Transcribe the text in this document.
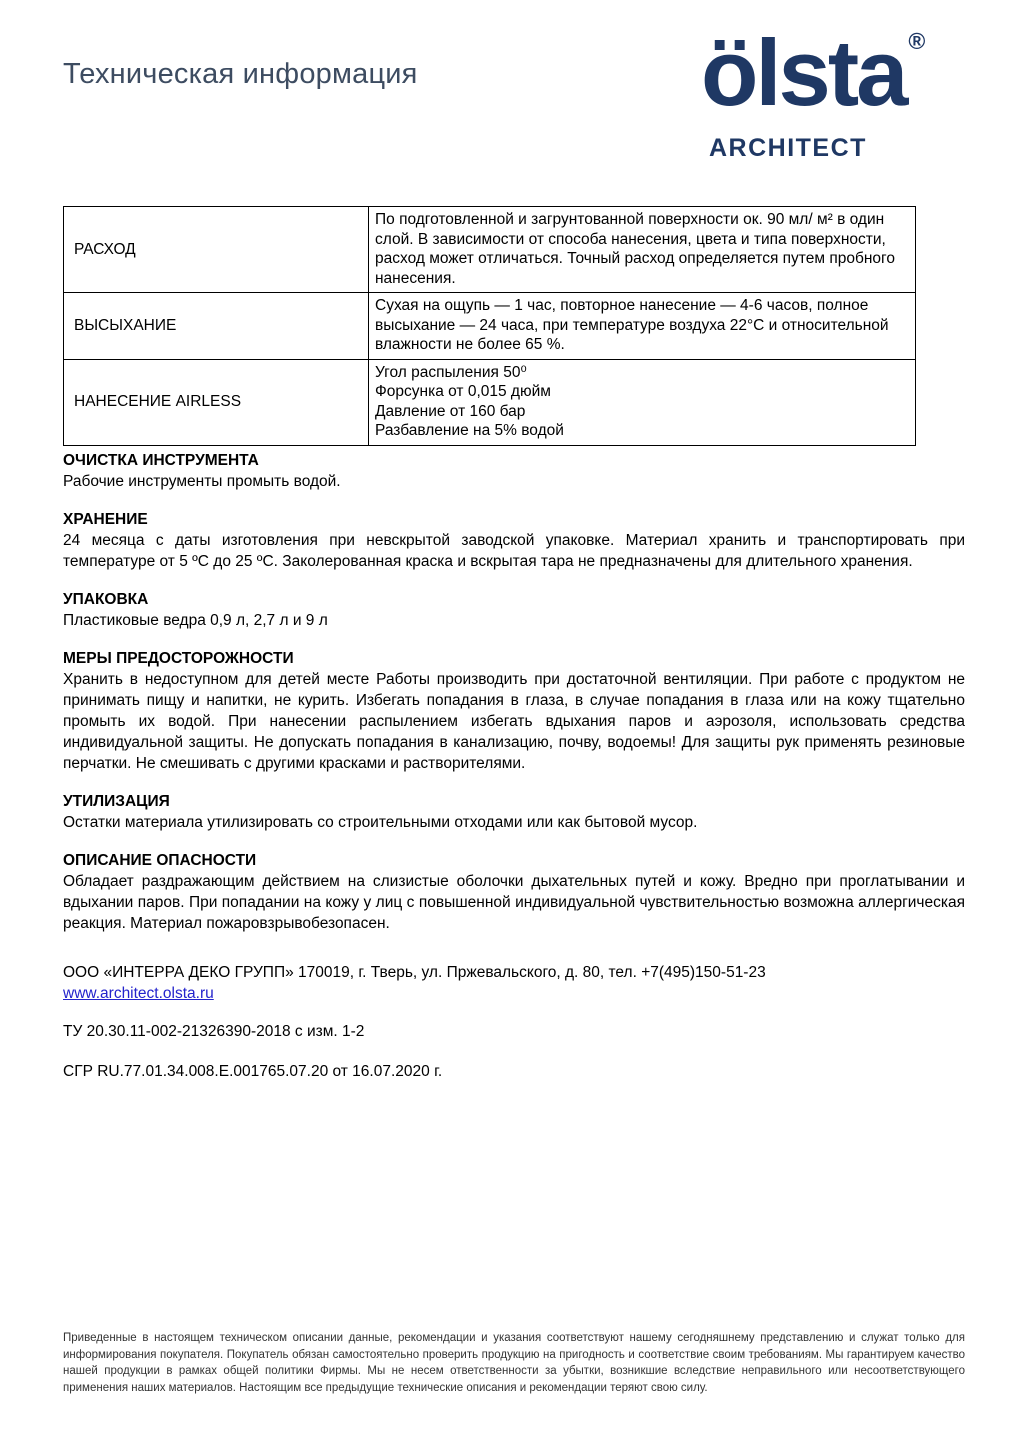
Техническая информация	ölsta ®
ARCHITECT
РАСХОД	По подготовленной и загрунтованной поверхности ок. 90 мл/ м² в один слой. В зависимости от способа нанесения, цвета и типа поверхности, расход может отличаться. Точный расход определяется путем пробного нанесения.
ВЫСЫХАНИЕ	Сухая на ощупь — 1 час, повторное нанесение — 4-6 часов, полное высыхание — 24 часа, при температуре воздуха 22°С и относительной влажности не более 65 %.
НАНЕСЕНИЕ AIRLESS	Угол распыления 50⁰
Форсунка от 0,015 дюйм
Давление от 160 бар
Разбавление на 5% водой
ОЧИСТКА ИНСТРУМЕНТА

Рабочие инструменты промыть водой.

ХРАНЕНИЕ

24 месяца с даты изготовления при невскрытой заводской упаковке. Материал хранить и транспортировать при температуре от 5 ºС до 25 ºС. Заколерованная краска и вскрытая тара не предназначены для длительного хранения.

УПАКОВКА

Пластиковые ведра 0,9 л, 2,7 л и 9 л

МЕРЫ ПРЕДОСТОРОЖНОСТИ

Хранить в недоступном для детей месте Работы производить при достаточной вентиляции. При работе с продуктом не принимать пищу и напитки, не курить. Избегать попадания в глаза, в случае попадания в глаза или на кожу тщательно промыть их водой. При нанесении распылением избегать вдыхания паров и аэрозоля, использовать средства индивидуальной защиты. Не допускать попадания в канализацию, почву, водоемы! Для защиты рук применять резиновые перчатки. Не смешивать с другими красками и растворителями.

УТИЛИЗАЦИЯ

Остатки материала утилизировать со строительными отходами или как бытовой мусор.

ОПИСАНИЕ ОПАСНОСТИ

Обладает раздражающим действием на слизистые оболочки дыхательных путей и кожу. Вредно при проглатывании и вдыхании паров. При попадании на кожу у лиц с повышенной индивидуальной чувствительностью возможна аллергическая реакция. Материал пожаровзрывобезопасен.

ООО «ИНТЕРРА ДЕКО ГРУПП» 170019, г. Тверь, ул. Пржевальского, д. 80, тел. +7(495)150-51-23

www.architect.olsta.ru

ТУ 20.30.11-002-21326390-2018 с изм. 1-2

СГР RU.77.01.34.008.Е.001765.07.20 от 16.07.2020 г.

Приведенные в настоящем техническом описании данные, рекомендации и указания соответствуют нашему сегодняшнему представлению и служат только для информирования покупателя. Покупатель обязан самостоятельно проверить продукцию на пригодность и соответствие своим требованиям. Мы гарантируем качество нашей продукции в рамках общей политики Фирмы. Мы не несем ответственности за убытки, возникшие вследствие неправильного или несоответствующего применения наших материалов. Настоящим все предыдущие технические описания и рекомендации теряют свою силу.
